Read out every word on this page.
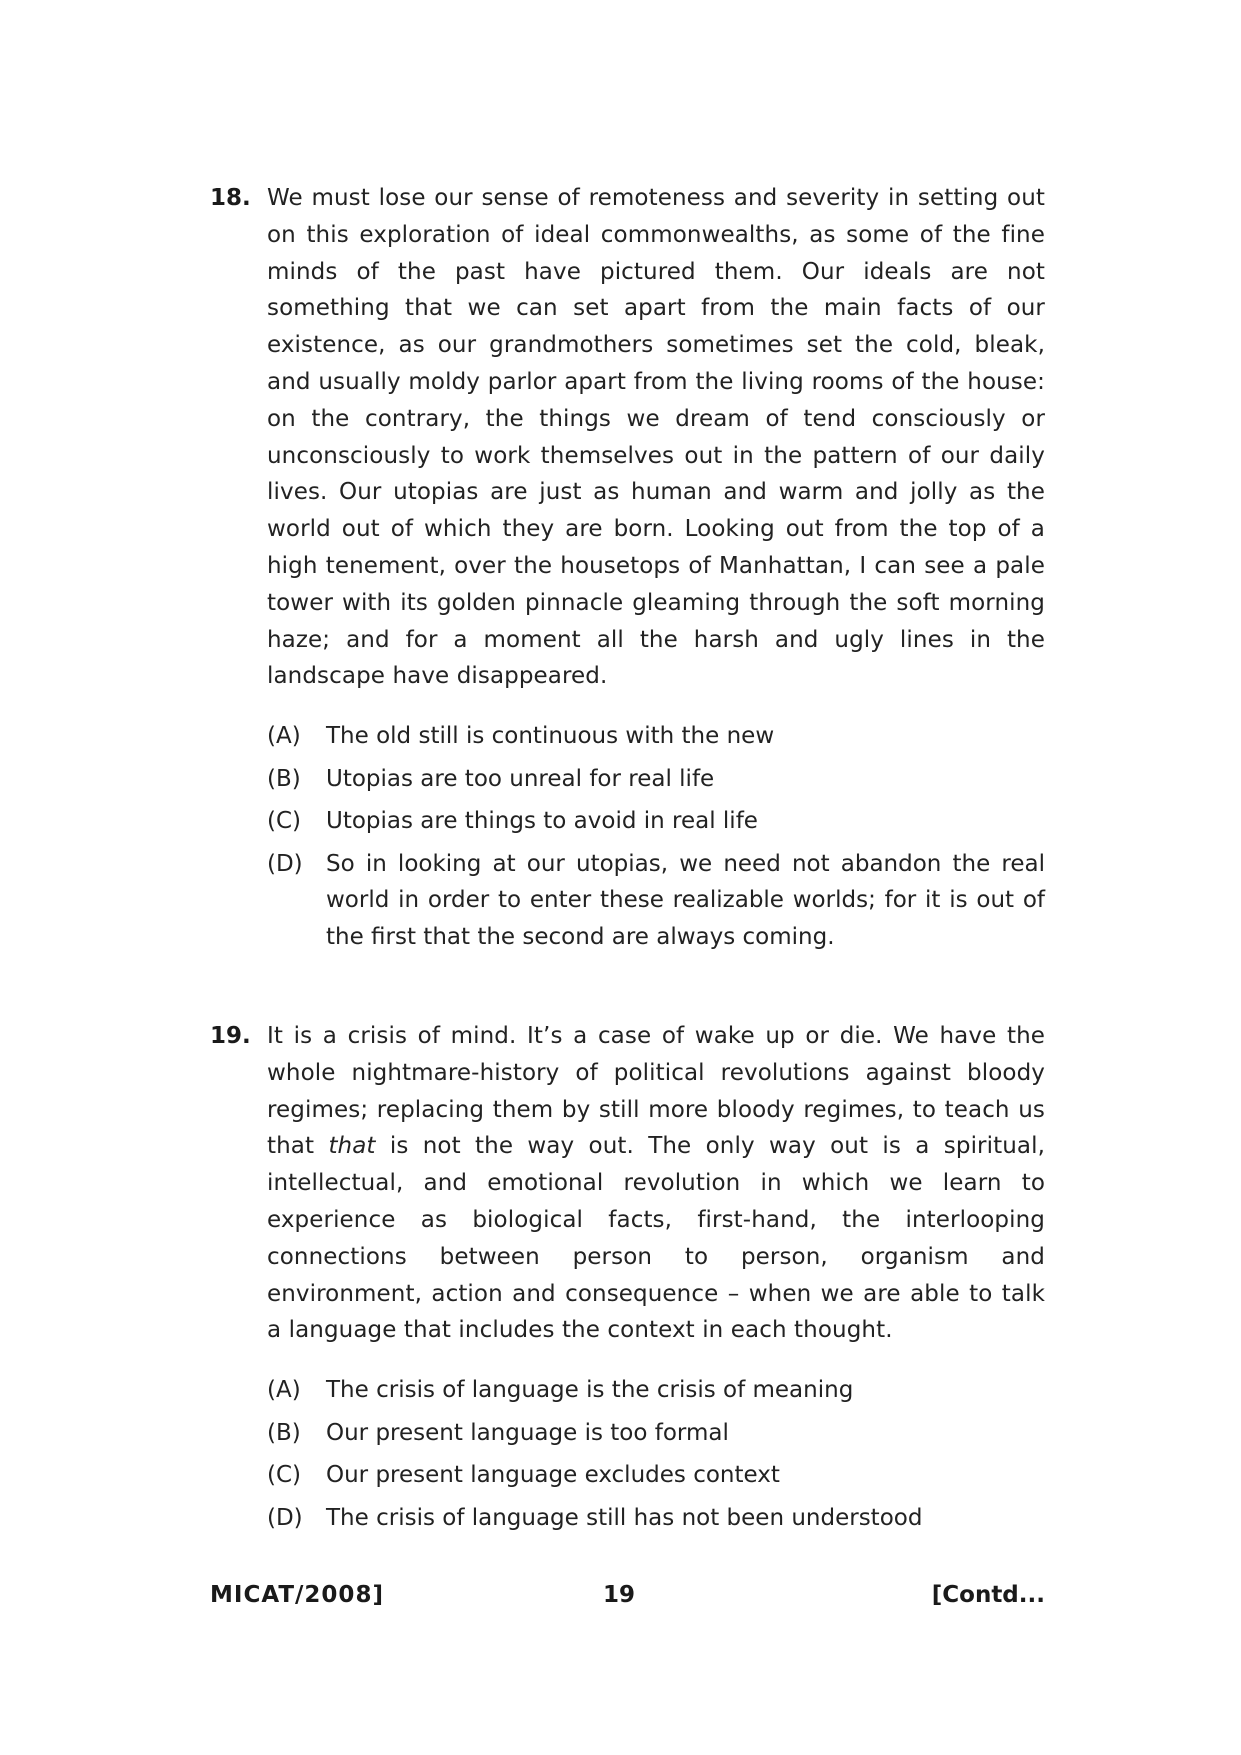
18. We must lose our sense of remoteness and severity in setting out on this exploration of ideal commonwealths, as some of the fine minds of the past have pictured them. Our ideals are not something that we can set apart from the main facts of our existence, as our grandmothers sometimes set the cold, bleak, and usually moldy parlor apart from the living rooms of the house: on the contrary, the things we dream of tend consciously or unconsciously to work themselves out in the pattern of our daily lives. Our utopias are just as human and warm and jolly as the world out of which they are born. Looking out from the top of a high tenement, over the housetops of Manhattan, I can see a pale tower with its golden pinnacle gleaming through the soft morning haze; and for a moment all the harsh and ugly lines in the landscape have disappeared.

(A)	The old still is continuous with the new
(B)	Utopias are too unreal for real life
(C)	Utopias are things to avoid in real life
(D)	So in looking at our utopias, we need not abandon the real world in order to enter these realizable worlds; for it is out of the first that the second are always coming.
19. It is a crisis of mind. It’s a case of wake up or die. We have the whole nightmare-history of political revolutions against bloody regimes; replacing them by still more bloody regimes, to teach us that that is not the way out. The only way out is a spiritual, intellectual, and emotional revolution in which we learn to experience as biological facts, first-hand, the interlooping connections between person to person, organism and environment, action and consequence – when we are able to talk a language that includes the context in each thought.

(A)	The crisis of language is the crisis of meaning
(B)	Our present language is too formal
(C)	Our present language excludes context
(D)	The crisis of language still has not been understood
MICAT/2008]	19	[Contd...
